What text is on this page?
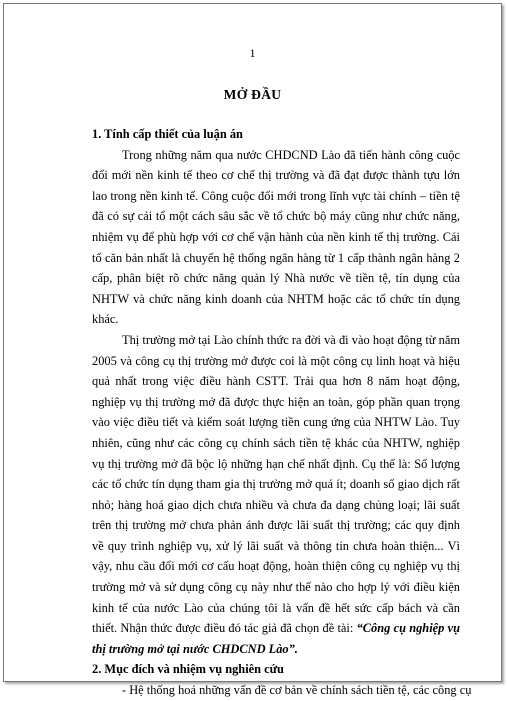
1
MỞ ĐẦU

1. Tính cấp thiết của luận án

Trong những năm qua nước CHDCND Lào đã tiến hành công cuộc đổi mới nền kinh tế theo cơ chế thị trường và đã đạt được thành tựu lớn lao trong nền kinh tế. Công cuộc đổi mới trong lĩnh vực tài chính – tiền tệ đã có sự cải tổ một cách sâu sắc về tổ chức bộ máy cũng như chức năng, nhiệm vụ để phù hợp với cơ chế vận hành của nền kinh tế thị trường. Cái tổ căn bản nhất là chuyển hệ thống ngân hàng từ 1 cấp thành ngân hàng 2 cấp, phân biệt rõ chức năng quản lý Nhà nước về tiền tệ, tín dụng của NHTW và chức năng kinh doanh của NHTM hoặc các tổ chức tín dụng khác.

Thị trường mở tại Lào chính thức ra đời và đi vào hoạt động từ năm 2005 và công cụ thị trường mở được coi là một công cụ linh hoạt và hiệu quả nhất trong việc điều hành CSTT. Trải qua hơn 8 năm hoạt động, nghiệp vụ thị trường mở đã được thực hiện an toàn, góp phần quan trọng vào việc điều tiết và kiểm soát lượng tiền cung ứng của NHTW Lào. Tuy nhiên, cũng như các công cụ chính sách tiền tệ khác của NHTW, nghiệp vụ thị trường mở đã bộc lộ những hạn chế nhất định. Cụ thể là: Số lượng các tổ chức tín dụng tham gia thị trường mở quá ít; doanh số giao dịch rất nhỏ; hàng hoá giao dịch chưa nhiều và chưa đa dạng chủng loại; lãi suất trên thị trường mở chưa phản ánh được lãi suất thị trường; các quy định về quy trình nghiệp vụ, xử lý lãi suất và thông tin chưa hoàn thiện... Vì vậy, nhu cầu đổi mới cơ cấu hoạt động, hoàn thiện công cụ nghiệp vụ thị trường mở và sử dụng công cụ này như thế nào cho hợp lý với điều kiện kinh tế của nước Lào của chúng tôi là vấn đề hết sức cấp bách và cần thiết. Nhận thức được điều đó tác giả đã chọn đề tài: “Công cụ nghiệp vụ thị trường mở tại nước CHDCND Lào”.

2. Mục đích và nhiệm vụ nghiên cứu

- Hệ thống hoá những vấn đề cơ bản về chính sách tiền tệ, các công cụ
